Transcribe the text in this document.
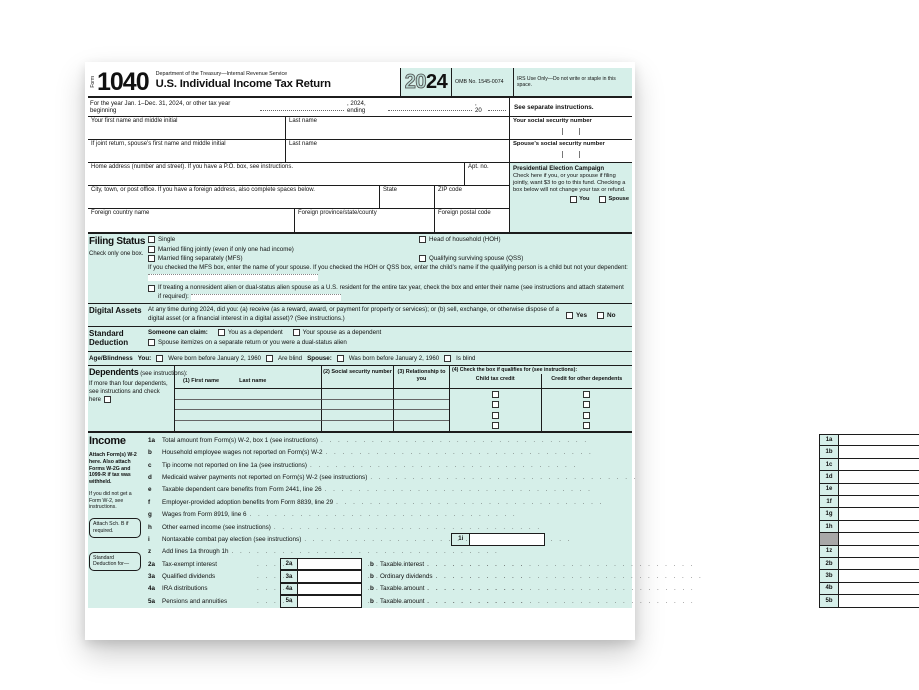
Form 1040 Department of the Treasury—Internal Revenue Service
U.S. Individual Income Tax Return	2024	OMB No. 1545-0074	IRS Use Only—Do not write or staple in this space.
For the year Jan. 1–Dec. 31, 2024, or other tax year beginning
, 2024, ending
, 20	See separate instructions.
Your first name and middle initial	Last name
If joint return, spouse’s first name and middle initial	Last name
Home address (number and street). If you have a P.O. box, see instructions.	Apt. no.
City, town, or post office. If you have a foreign address, also complete spaces below.	State	ZIP code
Foreign country name	Foreign province/state/county	Foreign postal code
Your social security number
Spouse’s social security number
Presidential Election Campaign
Check here if you, or your spouse if filing jointly, want $3 to go to this fund. Checking a box below will not change your tax or refund.
You	Spouse
Filing Status
Check only one box.
Single	Head of household (HOH)
Married filing jointly (even if only one had income)
Married filing separately (MFS)	Qualifying surviving spouse (QSS)
If you checked the MFS box, enter the name of your spouse. If you checked the HOH or QSS box, enter the child’s name if the qualifying person is a child but not your dependent:
If treating a nonresident alien or dual-status alien spouse as a U.S. resident for the entire tax year, check the box and enter their name (see instructions and attach statement if required):
Digital Assets	At any time during 2024, did you: (a) receive (as a reward, award, or payment for property or services); or (b) sell, exchange, or otherwise dispose of a digital asset (or a financial interest in a digital asset)? (See instructions.)	Yes	No
Standard Deduction
Someone can claim:	You as a dependent	Your spouse as a dependent
Spouse itemizes on a separate return or you were a dual-status alien
Age/Blindness You:	Were born before January 2, 1960	Are blind Spouse:	Was born before January 2, 1960	Is blind
Dependents (see instructions):
If more than four dependents, see instructions and check here
(1) First name	Last name
(2) Social security number	(3) Relationship to you
(4) Check the box if qualifies for (see instructions):
Child tax credit	Credit for other dependents
Income
Attach Form(s) W-2 here. Also attach Forms W-2G and 1099-R if tax was withheld.
If you did not get a Form W-2, see instructions.
Attach Sch. B if required.
Standard Deduction for—
1a	Total amount from Form(s) W-2, box 1 (see instructions) . . .	1a
b	Household employee wages not reported on Form(s) W-2 . . .	1b
c	Tip income not reported on line 1a (see instructions) . . .	1c
d	Medicaid waiver payments not reported on Form(s) W-2 (see instructions) . . .	1d
e	Taxable dependent care benefits from Form 2441, line 26 . . .	1e
f	Employer-provided adoption benefits from Form 8839, line 29 . . .	1f
g	Wages from Form 8919, line 6 . . .	1g
h	Other earned income (see instructions) . . .	1h
i	Nontaxable combat pay election (see instructions) . . .	1i
z	Add lines 1a through 1h . . .	1z
2a	Tax-exempt interest . . .	2a	b Taxable interest . . .	2b
3a	Qualified dividends . . .	3a	b Ordinary dividends . . .	3b
4a	IRA distributions . . .	4a	b Taxable amount . . .	4b
5a	Pensions and annuities . . .	5a	b Taxable amount . . .	5b
